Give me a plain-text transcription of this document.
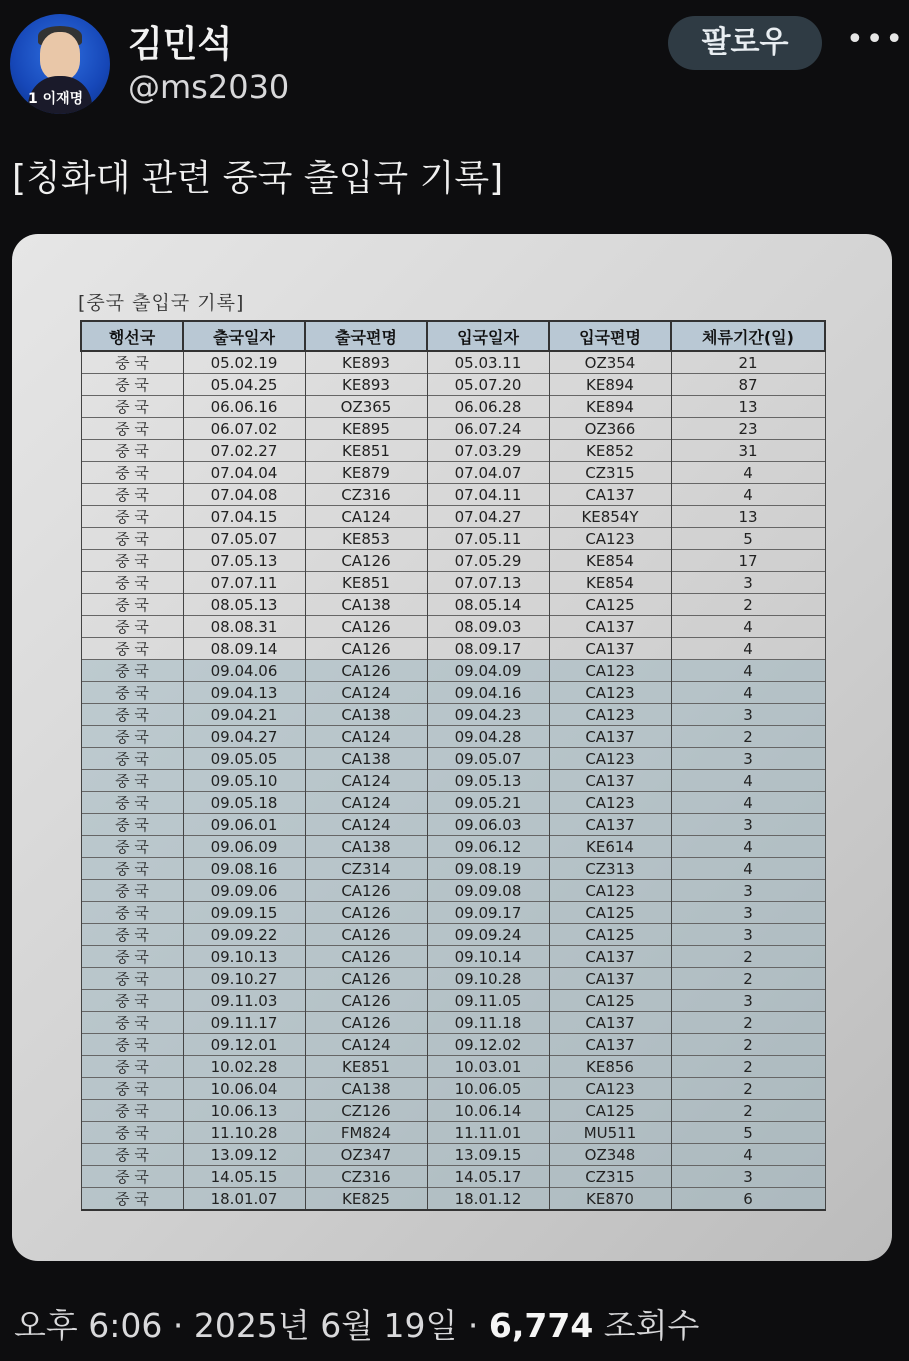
1 이재명
김민석
@ms2030
팔로우	•••
[칭화대 관련 중국 출입국 기록]
[중국 출입국 기록]
행선국	출국일자	출국편명	입국일자	입국편명	체류기간(일)
중 국	05.02.19	KE893	05.03.11	OZ354	21
중 국	05.04.25	KE893	05.07.20	KE894	87
중 국	06.06.16	OZ365	06.06.28	KE894	13
중 국	06.07.02	KE895	06.07.24	OZ366	23
중 국	07.02.27	KE851	07.03.29	KE852	31
중 국	07.04.04	KE879	07.04.07	CZ315	4
중 국	07.04.08	CZ316	07.04.11	CA137	4
중 국	07.04.15	CA124	07.04.27	KE854Y	13
중 국	07.05.07	KE853	07.05.11	CA123	5
중 국	07.05.13	CA126	07.05.29	KE854	17
중 국	07.07.11	KE851	07.07.13	KE854	3
중 국	08.05.13	CA138	08.05.14	CA125	2
중 국	08.08.31	CA126	08.09.03	CA137	4
중 국	08.09.14	CA126	08.09.17	CA137	4
중 국	09.04.06	CA126	09.04.09	CA123	4
중 국	09.04.13	CA124	09.04.16	CA123	4
중 국	09.04.21	CA138	09.04.23	CA123	3
중 국	09.04.27	CA124	09.04.28	CA137	2
중 국	09.05.05	CA138	09.05.07	CA123	3
중 국	09.05.10	CA124	09.05.13	CA137	4
중 국	09.05.18	CA124	09.05.21	CA123	4
중 국	09.06.01	CA124	09.06.03	CA137	3
중 국	09.06.09	CA138	09.06.12	KE614	4
중 국	09.08.16	CZ314	09.08.19	CZ313	4
중 국	09.09.06	CA126	09.09.08	CA123	3
중 국	09.09.15	CA126	09.09.17	CA125	3
중 국	09.09.22	CA126	09.09.24	CA125	3
중 국	09.10.13	CA126	09.10.14	CA137	2
중 국	09.10.27	CA126	09.10.28	CA137	2
중 국	09.11.03	CA126	09.11.05	CA125	3
중 국	09.11.17	CA126	09.11.18	CA137	2
중 국	09.12.01	CA124	09.12.02	CA137	2
중 국	10.02.28	KE851	10.03.01	KE856	2
중 국	10.06.04	CA138	10.06.05	CA123	2
중 국	10.06.13	CZ126	10.06.14	CA125	2
중 국	11.10.28	FM824	11.11.01	MU511	5
중 국	13.09.12	OZ347	13.09.15	OZ348	4
중 국	14.05.15	CZ316	14.05.17	CZ315	3
중 국	18.01.07	KE825	18.01.12	KE870	6
오후 6:06 · 2025년 6월 19일 · 6,774 조회수
